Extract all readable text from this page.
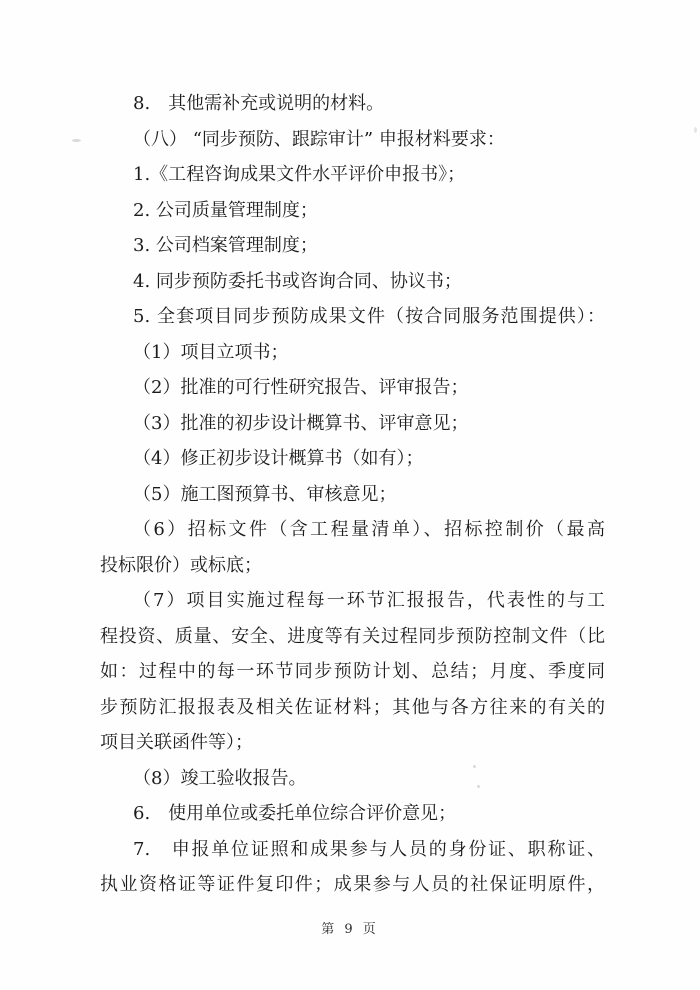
8.　其他需补充或说明的材料。
（八） “同步预防、跟踪审计” 申报材料要求：
1.《工程咨询成果文件水平评价申报书》；
2. 公司质量管理制度；
3. 公司档案管理制度；
4. 同步预防委托书或咨询合同、协议书；
5. 全套项目同步预防成果文件（按合同服务范围提供）：
（1）项目立项书；
（2）批准的可行性研究报告、评审报告；
（3）批准的初步设计概算书、评审意见；
（4）修正初步设计概算书（如有）；
（5）施工图预算书、审核意见；
（6）招标文件（含工程量清单）、招标控制价（最高
投标限价）或标底；
（7）项目实施过程每一环节汇报报告，代表性的与工
程投资、质量、安全、进度等有关过程同步预防控制文件（比
如：过程中的每一环节同步预防计划、总结；月度、季度同
步预防汇报报表及相关佐证材料；其他与各方往来的有关的
项目关联函件等）；
（8）竣工验收报告。
6.　使用单位或委托单位综合评价意见；
7.　申报单位证照和成果参与人员的身份证、职称证、
执业资格证等证件复印件；成果参与人员的社保证明原件，
第 9 页
